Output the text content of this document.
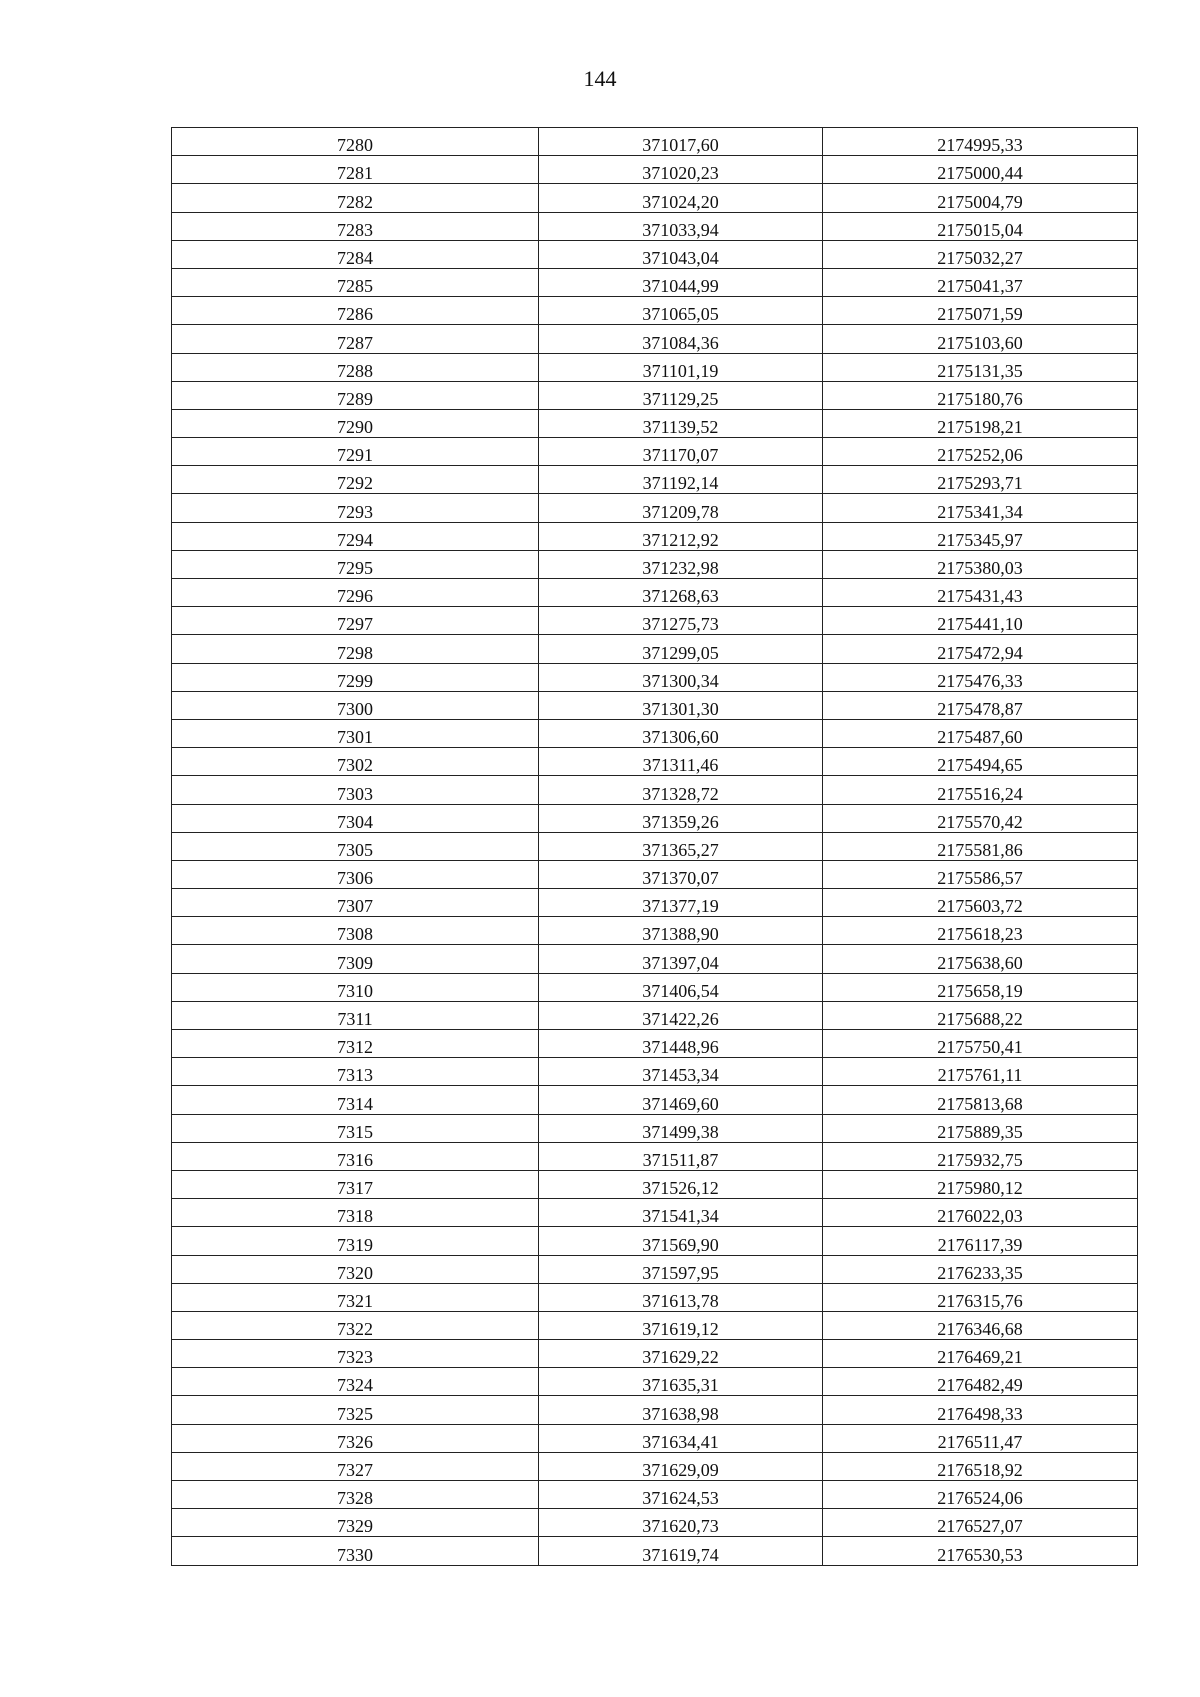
144
7280	371017,60	2174995,33
7281	371020,23	2175000,44
7282	371024,20	2175004,79
7283	371033,94	2175015,04
7284	371043,04	2175032,27
7285	371044,99	2175041,37
7286	371065,05	2175071,59
7287	371084,36	2175103,60
7288	371101,19	2175131,35
7289	371129,25	2175180,76
7290	371139,52	2175198,21
7291	371170,07	2175252,06
7292	371192,14	2175293,71
7293	371209,78	2175341,34
7294	371212,92	2175345,97
7295	371232,98	2175380,03
7296	371268,63	2175431,43
7297	371275,73	2175441,10
7298	371299,05	2175472,94
7299	371300,34	2175476,33
7300	371301,30	2175478,87
7301	371306,60	2175487,60
7302	371311,46	2175494,65
7303	371328,72	2175516,24
7304	371359,26	2175570,42
7305	371365,27	2175581,86
7306	371370,07	2175586,57
7307	371377,19	2175603,72
7308	371388,90	2175618,23
7309	371397,04	2175638,60
7310	371406,54	2175658,19
7311	371422,26	2175688,22
7312	371448,96	2175750,41
7313	371453,34	2175761,11
7314	371469,60	2175813,68
7315	371499,38	2175889,35
7316	371511,87	2175932,75
7317	371526,12	2175980,12
7318	371541,34	2176022,03
7319	371569,90	2176117,39
7320	371597,95	2176233,35
7321	371613,78	2176315,76
7322	371619,12	2176346,68
7323	371629,22	2176469,21
7324	371635,31	2176482,49
7325	371638,98	2176498,33
7326	371634,41	2176511,47
7327	371629,09	2176518,92
7328	371624,53	2176524,06
7329	371620,73	2176527,07
7330	371619,74	2176530,53
